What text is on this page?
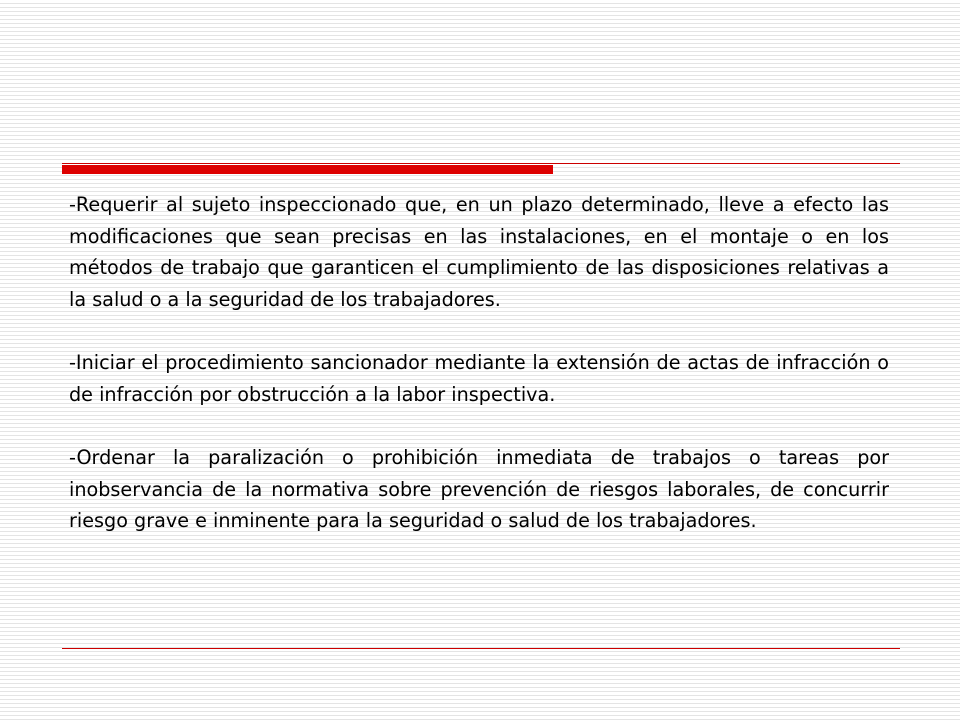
-Requerir al sujeto inspeccionado que, en un plazo determinado, lleve a efecto las modificaciones que sean precisas en las instalaciones, en el montaje o en los métodos de trabajo que garanticen el cumplimiento de las disposiciones relativas a la salud o a la seguridad de los trabajadores.

-Iniciar el procedimiento sancionador mediante la extensión de actas de infracción o de infracción por obstrucción a la labor inspectiva.

-Ordenar la paralización o prohibición inmediata de trabajos o tareas por inobservancia de la normativa sobre prevención de riesgos laborales, de concurrir riesgo grave e inminente para la seguridad o salud de los trabajadores.
